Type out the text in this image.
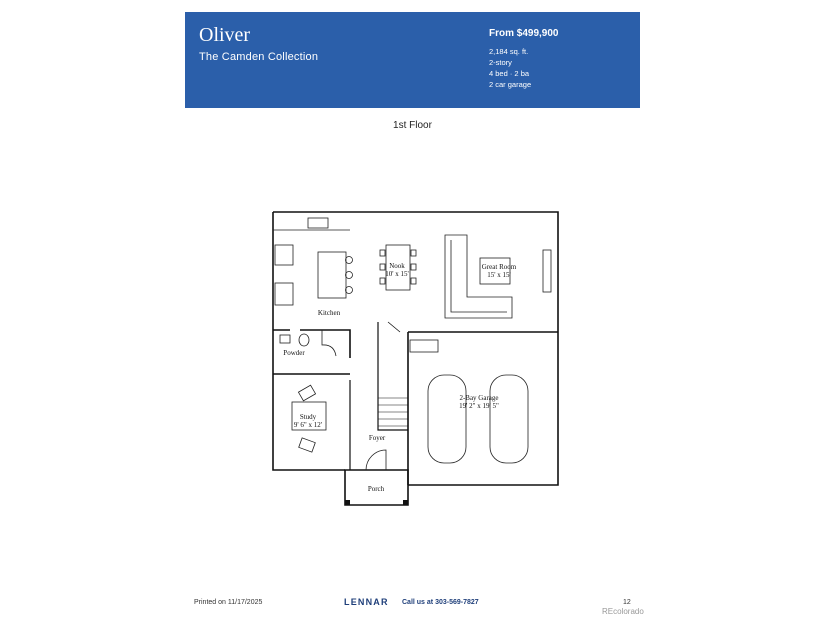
Oliver
The Camden Collection
From $499,900
2,184 sq. ft.
2-story
4 bed · 2 ba
2 car garage
1st Floor
Nook
10' x 15'
Great Room
15' x 15'
Kitchen
Powder
Study
9' 6" x 12'
2-Bay Garage
19' 2" x 19' 5"
Foyer
Porch
Printed on 11/17/2025	LENNAR Call us at 303-569-7827	12
REcolorado
